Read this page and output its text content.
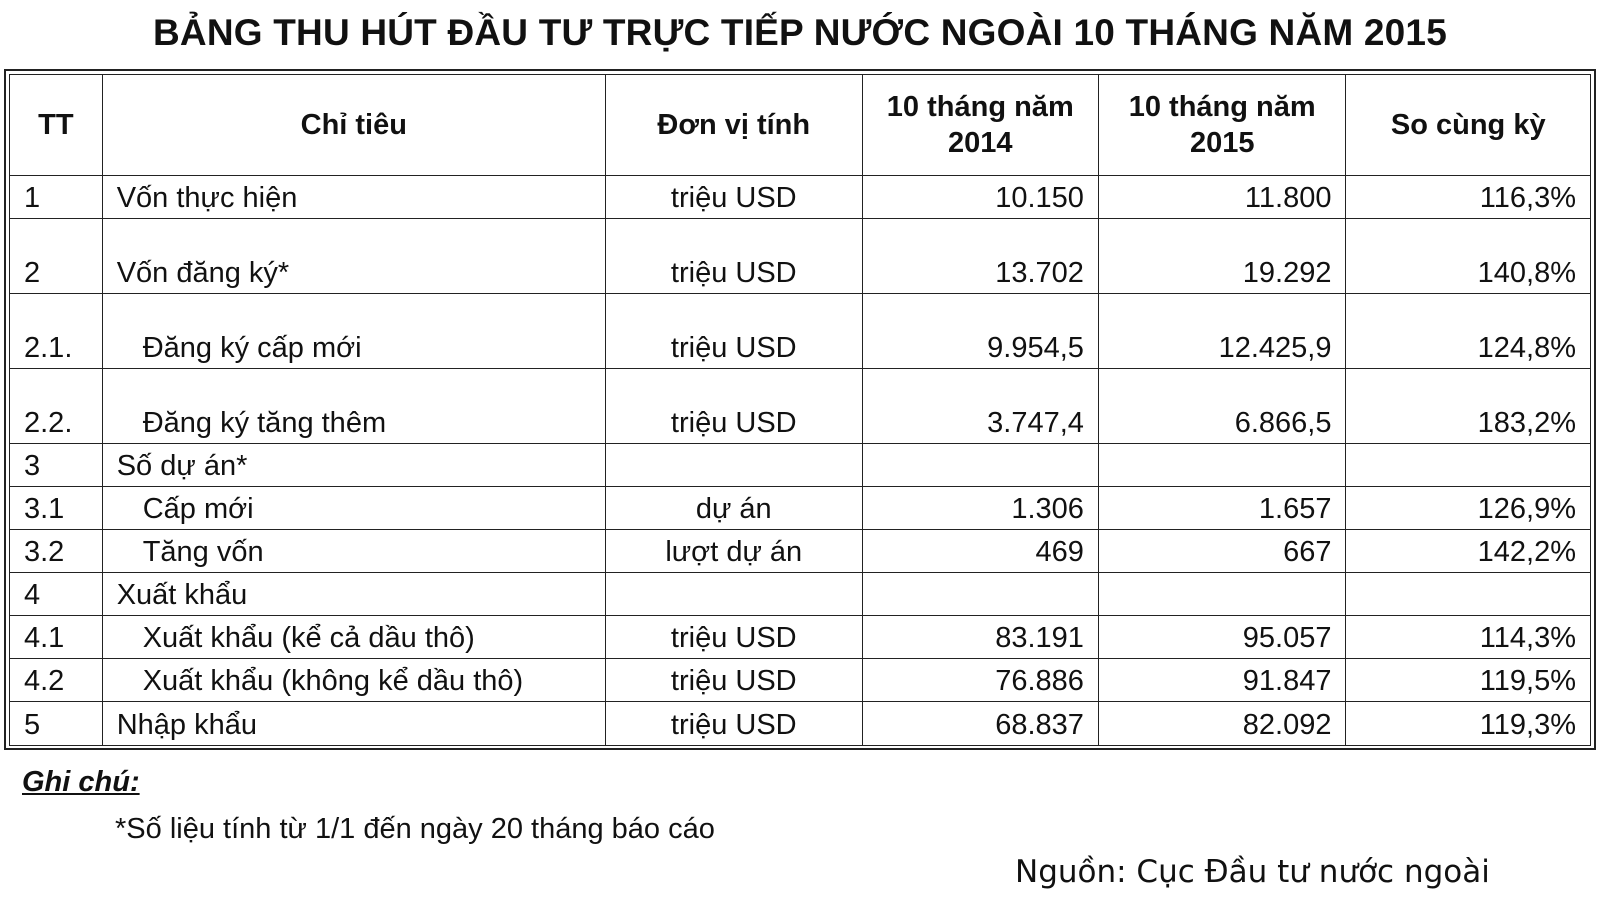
BẢNG THU HÚT ĐẦU TƯ TRỰC TIẾP NƯỚC NGOÀI 10 THÁNG NĂM 2015
TT	Chỉ tiêu	Đơn vị tính	10 tháng năm 2014	10 tháng năm 2015	So cùng kỳ
1	Vốn thực hiện	triệu USD	10.150	11.800	116,3%
2	Vốn đăng ký*	triệu USD	13.702	19.292	140,8%
2.1.	Đăng ký cấp mới	triệu USD	9.954,5	12.425,9	124,8%
2.2.	Đăng ký tăng thêm	triệu USD	3.747,4	6.866,5	183,2%
3	Số dự án*				
3.1	Cấp mới	dự án	1.306	1.657	126,9%
3.2	Tăng vốn	lượt dự án	469	667	142,2%
4	Xuất khẩu				
4.1	Xuất khẩu (kể cả dầu thô)	triệu USD	83.191	95.057	114,3%
4.2	Xuất khẩu (không kể dầu thô)	triệu USD	76.886	91.847	119,5%
5	Nhập khẩu	triệu USD	68.837	82.092	119,3%
Ghi chú:
*Số liệu tính từ 1/1 đến ngày 20 tháng báo cáo
Nguồn: Cục Đầu tư nước ngoài
